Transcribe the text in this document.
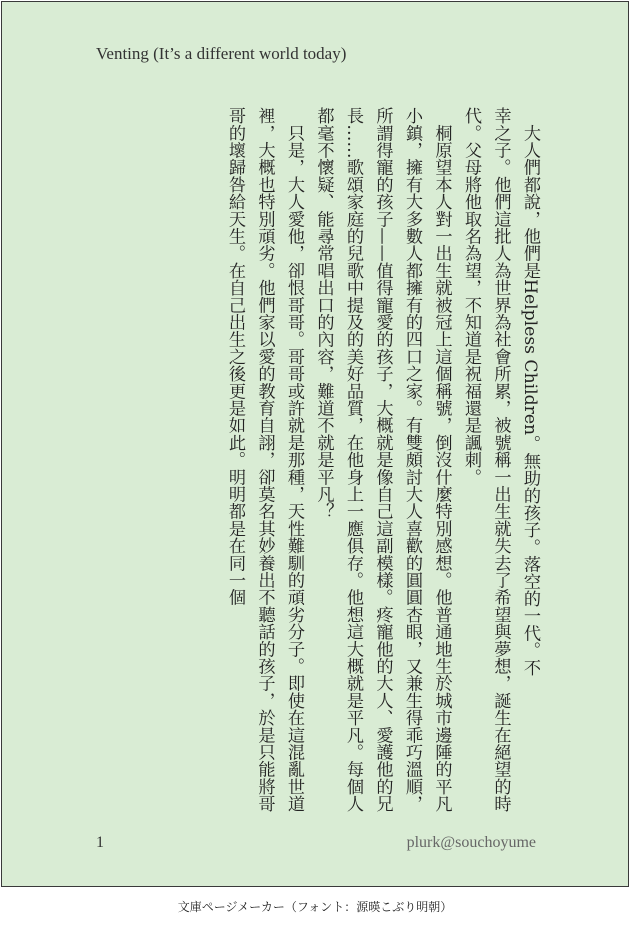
Venting (It’s a different world today)

　大人們都說，他們是Helpless Children。無助的孩子。落空的一代。不
幸之子。他們這批人為世界為社會所累，被號稱一出生就失去了希望與夢想，誕生在絕望的時
代。父母將他取名為望，不知道是祝福還是諷刺。

　桐原望本人對一出生就被冠上這個稱號，倒沒什麼特別感想。他普通地生於城市邊陲的平凡
小鎮，擁有大多數人都擁有的四口之家。有雙頗討大人喜歡的圓圓杏眼，又兼生得乖巧溫順，
所謂得寵的孩子——值得寵愛的孩子，大概就是像自己這副模樣。疼寵他的大人、愛護他的兄
長……歌頌家庭的兒歌中提及的美好品質，在他身上一應俱存。他想這大概就是平凡。每個人
都毫不懷疑、能尋常唱出口的內容，難道不就是平凡？

　只是，大人愛他，卻恨哥哥。哥哥或許就是那種，天性難馴的頑劣分子。即使在這混亂世道
裡，大概也特別頑劣。他們家以愛的教育自詡，卻莫名其妙養出不聽話的孩子，於是只能將哥
哥的壞歸咎給天生。在自己出生之後更是如此。明明都是在同一個

1	plurk@souchoyume
文庫ページメーカー（フォント：源暎こぶり明朝）
